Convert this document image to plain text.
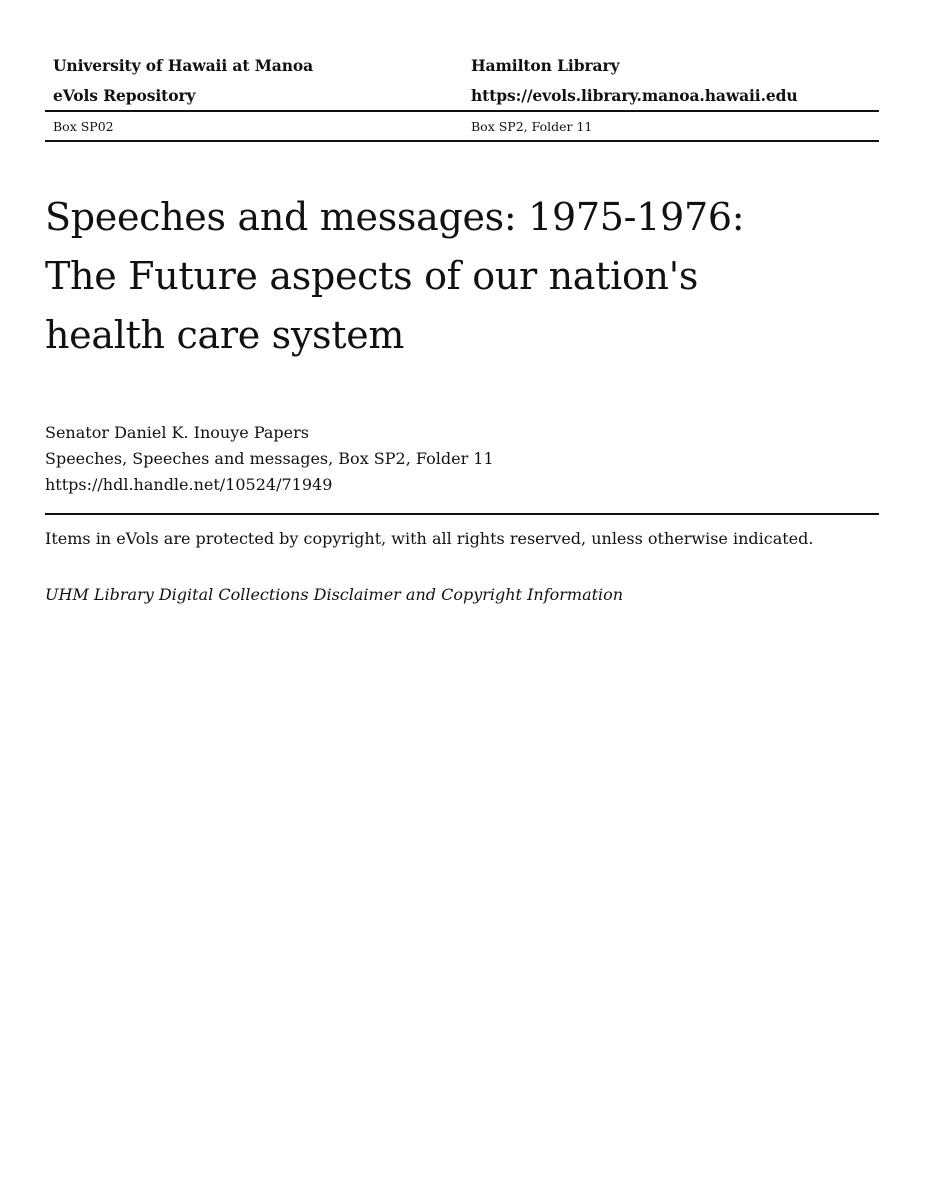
University of Hawaii at Manoa	Hamilton Library
eVols Repository	https://evols.library.manoa.hawaii.edu
Box SP02	Box SP2, Folder 11
Speeches and messages: 1975-1976:
The Future aspects of our nation's
health care system
Senator Daniel K. Inouye Papers
Speeches, Speeches and messages, Box SP2, Folder 11
https://hdl.handle.net/10524/71949
Items in eVols are protected by copyright, with all rights reserved, unless otherwise indicated.
UHM Library Digital Collections Disclaimer and Copyright Information
